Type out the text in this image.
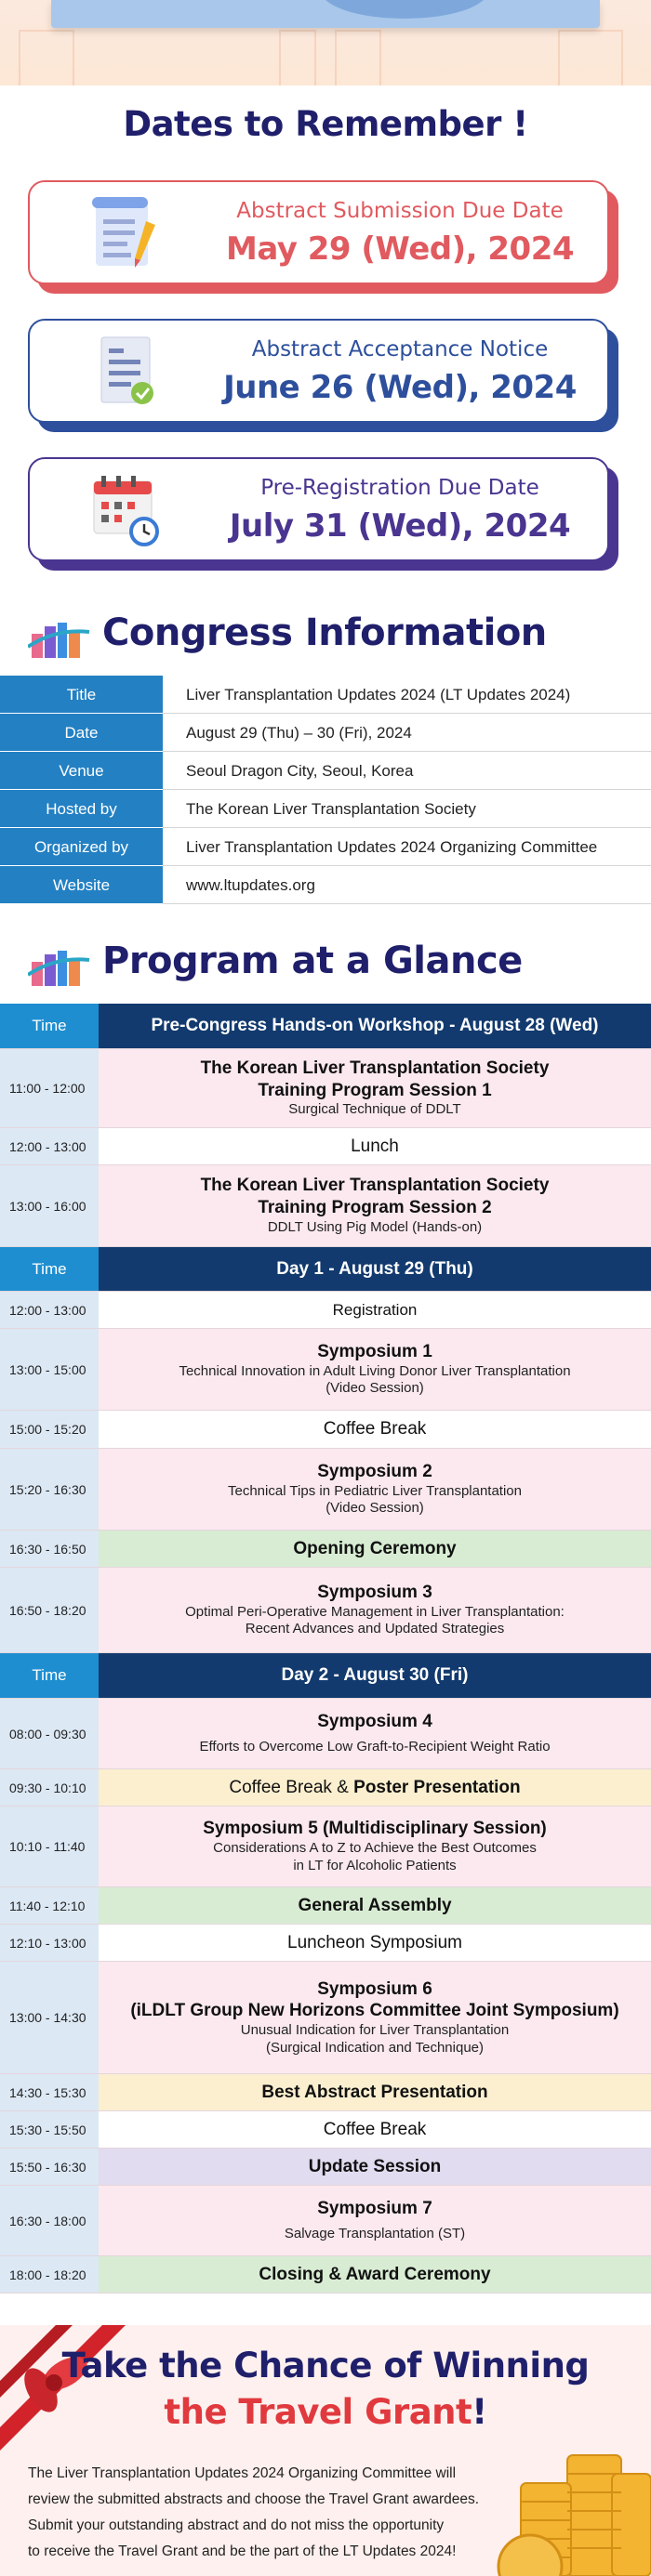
Dates to Remember !
Abstract Submission Due Date
May 29 (Wed), 2024
Abstract Acceptance Notice
June 26 (Wed), 2024
Pre-Registration Due Date
July 31 (Wed), 2024
Congress Information
Title	Liver Transplantation Updates 2024 (LT Updates 2024)
Date	August 29 (Thu) – 30 (Fri), 2024
Venue	Seoul Dragon City, Seoul, Korea
Hosted by	The Korean Liver Transplantation Society
Organized by	Liver Transplantation Updates 2024 Organizing Committee
Website	www.ltupdates.org
Program at a Glance
Time	Pre-Congress Hands-on Workshop - August 28 (Wed)
11:00 - 12:00
The Korean Liver Transplantation Society
Training Program Session 1
Surgical Technique of DDLT
12:00 - 13:00	Lunch
13:00 - 16:00
The Korean Liver Transplantation Society
Training Program Session 2
DDLT Using Pig Model (Hands-on)
Time	Day 1 - August 29 (Thu)
12:00 - 13:00	Registration
13:00 - 15:00
Symposium 1
Technical Innovation in Adult Living Donor Liver Transplantation
(Video Session)
15:00 - 15:20	Coffee Break
15:20 - 16:30
Symposium 2
Technical Tips in Pediatric Liver Transplantation
(Video Session)
16:30 - 16:50	Opening Ceremony
16:50 - 18:20
Symposium 3
Optimal Peri-Operative Management in Liver Transplantation:
Recent Advances and Updated Strategies
Time	Day 2 - August 30 (Fri)
08:00 - 09:30
Symposium 4
Efforts to Overcome Low Graft-to-Recipient Weight Ratio
09:30 - 10:10	Coffee Break & Poster Presentation
10:10 - 11:40
Symposium 5 (Multidisciplinary Session)
Considerations A to Z to Achieve the Best Outcomes
in LT for Alcoholic Patients
11:40 - 12:10	General Assembly
12:10 - 13:00	Luncheon Symposium
13:00 - 14:30
Symposium 6
(iLDLT Group New Horizons Committee Joint Symposium)
Unusual Indication for Liver Transplantation
(Surgical Indication and Technique)
14:30 - 15:30	Best Abstract Presentation
15:30 - 15:50	Coffee Break
15:50 - 16:30	Update Session
16:30 - 18:00
Symposium 7
Salvage Transplantation (ST)
18:00 - 18:20	Closing & Award Ceremony
Take the Chance of Winning
the Travel Grant!
The Liver Transplantation Updates 2024 Organizing Committee will
review the submitted abstracts and choose the Travel Grant awardees.
Submit your outstanding abstract and do not miss the opportunity
to receive the Travel Grant and be the part of the LT Updates 2024!
